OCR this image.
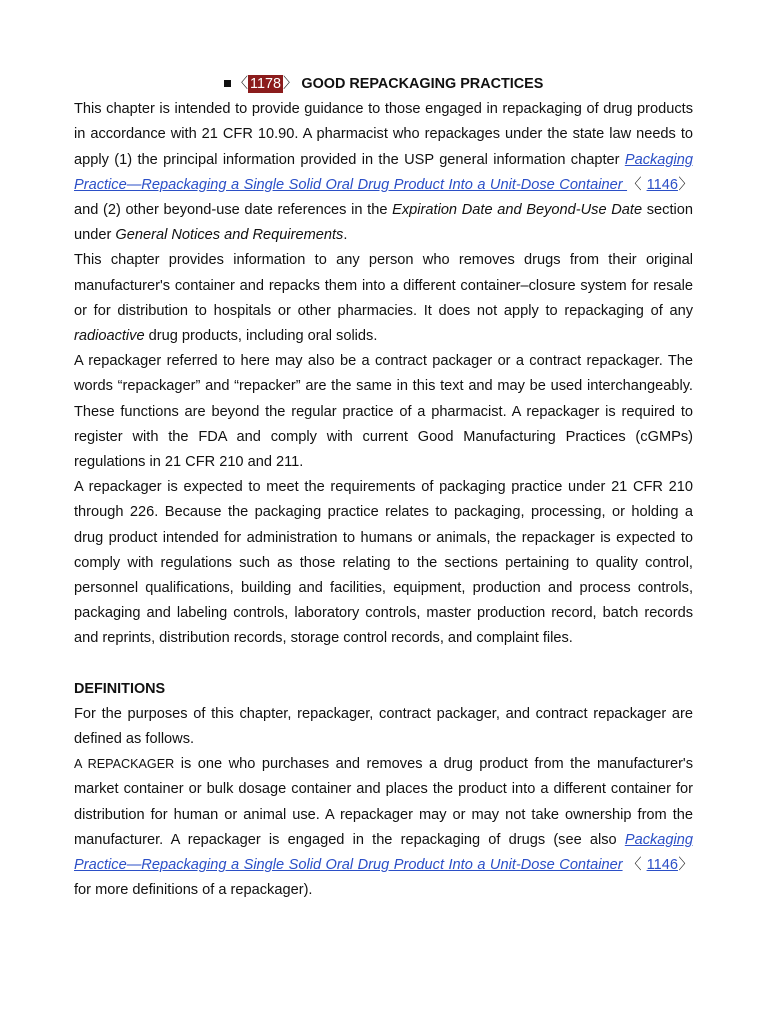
〈 1178 〉 GOOD REPACKAGING PRACTICES

This chapter is intended to provide guidance to those engaged in repackaging of drug products in accordance with 21 CFR 10.90. A pharmacist who repackages under the state law needs to apply (1) the principal information provided in the USP general information chapter Packaging Practice—Repackaging a Single Solid Oral Drug Product Into a Unit-Dose Container 〈 1146〉 and (2) other beyond-use date references in the Expiration Date and Beyond-Use Date section under General Notices and Requirements.

This chapter provides information to any person who removes drugs from their original manufacturer's container and repacks them into a different container–closure system for resale or for distribution to hospitals or other pharmacies. It does not apply to repackaging of any radioactive drug products, including oral solids.

A repackager referred to here may also be a contract packager or a contract repackager. The words “repackager” and “repacker” are the same in this text and may be used interchangeably. These functions are beyond the regular practice of a pharmacist. A repackager is required to register with the FDA and comply with current Good Manufacturing Practices (cGMPs) regulations in 21 CFR 210 and 211.

A repackager is expected to meet the requirements of packaging practice under 21 CFR 210 through 226. Because the packaging practice relates to packaging, processing, or holding a drug product intended for administration to humans or animals, the repackager is expected to comply with regulations such as those relating to the sections pertaining to quality control, personnel qualifications, building and facilities, equipment, production and process controls, packaging and labeling controls, laboratory controls, master production record, batch records and reprints, distribution records, storage control records, and complaint files.

DEFINITIONS

For the purposes of this chapter, repackager, contract packager, and contract repackager are defined as follows.

A REPACKAGER is one who purchases and removes a drug product from the manufacturer's market container or bulk dosage container and places the product into a different container for distribution for human or animal use. A repackager may or may not take ownership from the manufacturer. A repackager is engaged in the repackaging of drugs (see also Packaging Practice—Repackaging a Single Solid Oral Drug Product Into a Unit-Dose Container 〈 1146〉 for more definitions of a repackager).
